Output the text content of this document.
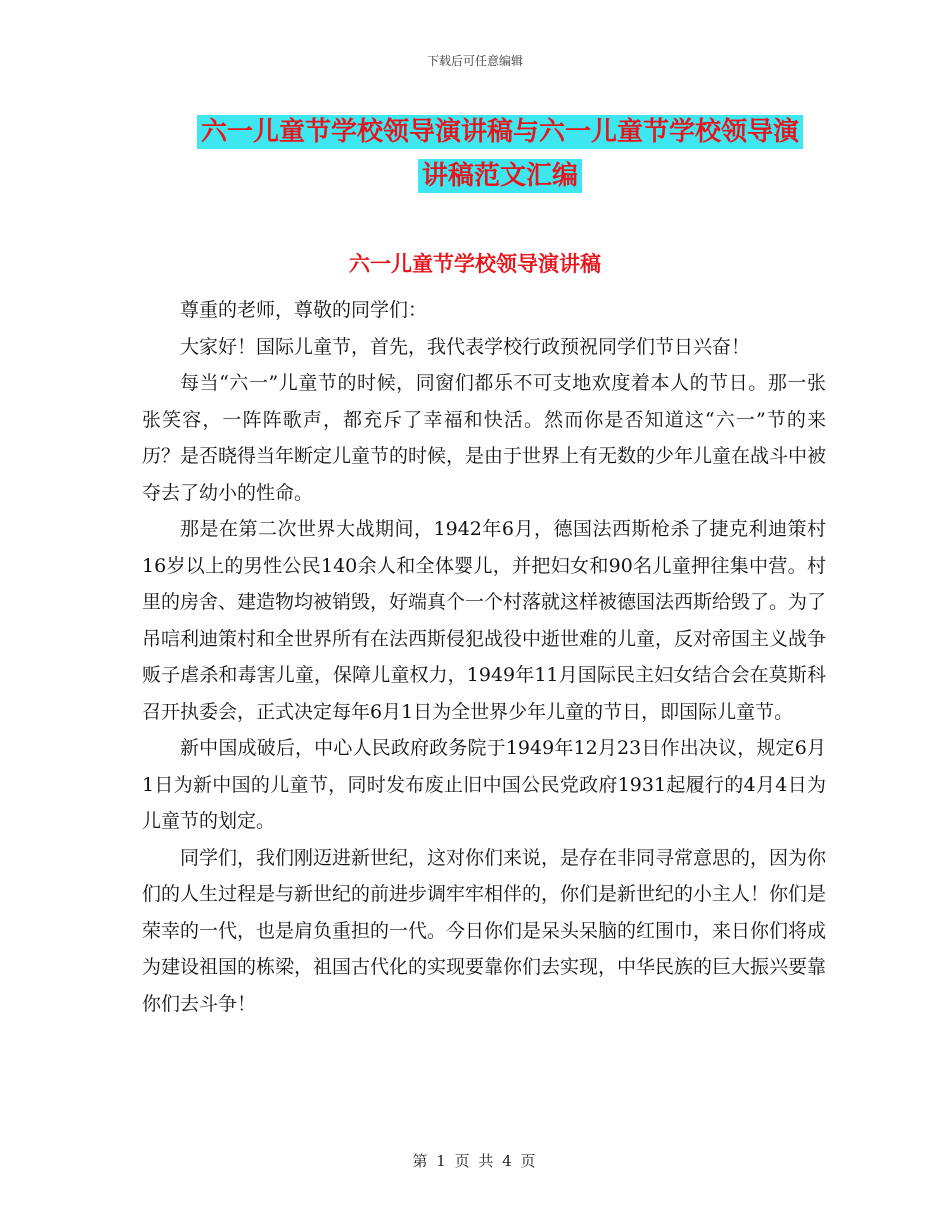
下载后可任意编辑
六一儿童节学校领导演讲稿与六一儿童节学校领导演
讲稿范文汇编
六一儿童节学校领导演讲稿

尊重的老师，尊敬的同学们：

大家好！国际儿童节，首先，我代表学校行政预祝同学们节日兴奋！

每当“六一”儿童节的时候，同窗们都乐不可支地欢度着本人的节日。那一张张笑容，一阵阵歌声，都充斥了幸福和快活。然而你是否知道这“六一”节的来历？是否晓得当年断定儿童节的时候，是由于世界上有无数的少年儿童在战斗中被夺去了幼小的性命。

那是在第二次世界大战期间，1942年6月，德国法西斯枪杀了捷克利迪策村16岁以上的男性公民140余人和全体婴儿，并把妇女和90名儿童押往集中营。村里的房舍、建造物均被销毁，好端真个一个村落就这样被德国法西斯给毁了。为了吊唁利迪策村和全世界所有在法西斯侵犯战役中逝世难的儿童，反对帝国主义战争贩子虐杀和毒害儿童，保障儿童权力，1949年11月国际民主妇女结合会在莫斯科召开执委会，正式决定每年6月1日为全世界少年儿童的节日，即国际儿童节。

新中国成破后，中心人民政府政务院于1949年12月23日作出决议，规定6月1日为新中国的儿童节，同时发布废止旧中国公民党政府1931起履行的4月4日为儿童节的划定。

同学们，我们刚迈进新世纪，这对你们来说，是存在非同寻常意思的，因为你们的人生过程是与新世纪的前进步调牢牢相伴的，你们是新世纪的小主人！你们是荣幸的一代，也是肩负重担的一代。今日你们是呆头呆脑的红围巾，来日你们将成为建设祖国的栋梁，祖国古代化的实现要靠你们去实现，中华民族的巨大振兴要靠你们去斗争！

第 1 页 共 4 页
